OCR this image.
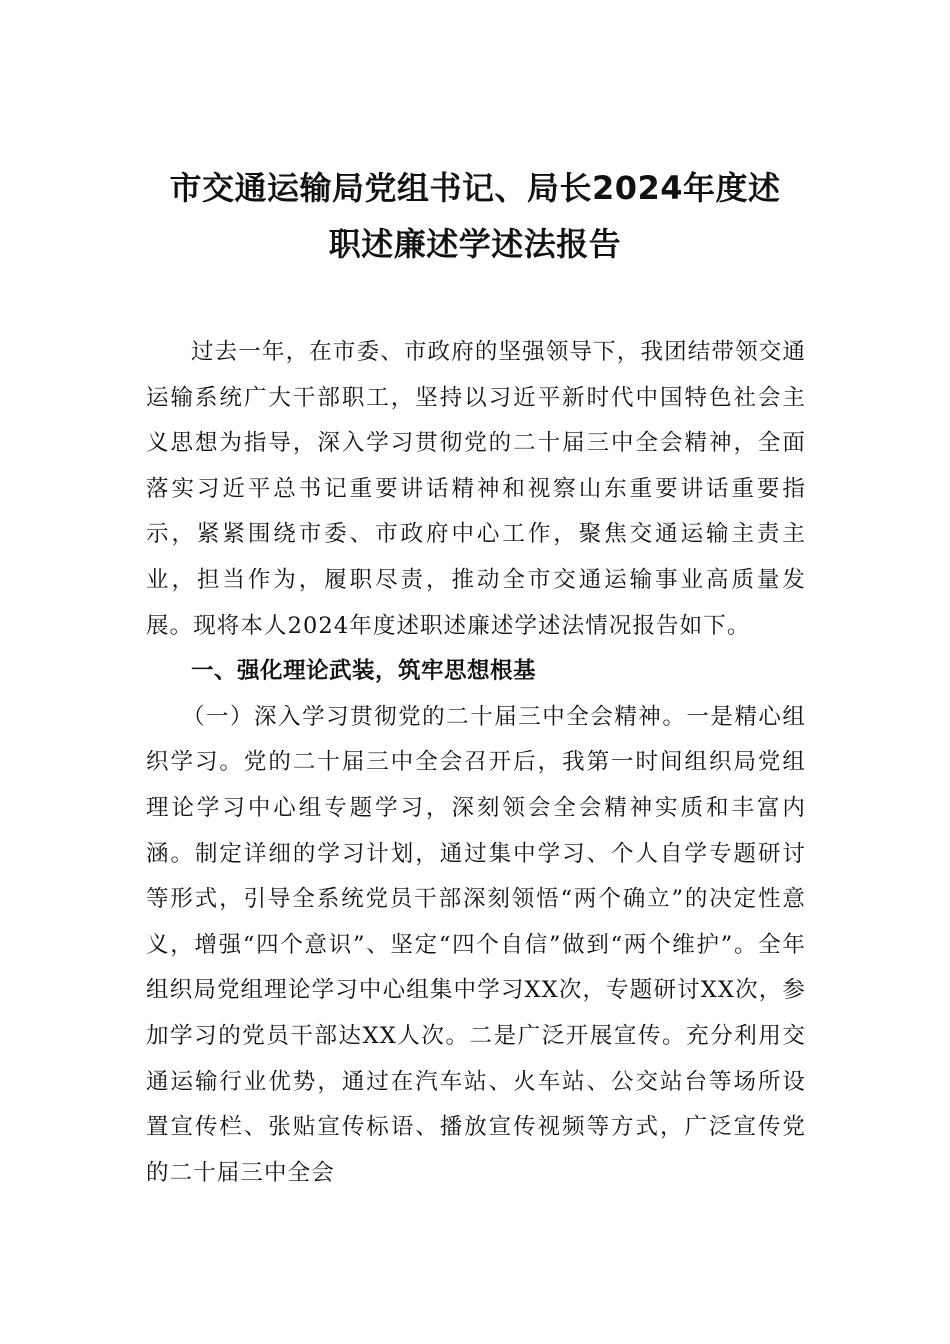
市交通运输局党组书记、局长2024年度述
职述廉述学述法报告

过去一年，在市委、市政府的坚强领导下，我团结带领交通运输系统广大干部职工，坚持以习近平新时代中国特色社会主义思想为指导，深入学习贯彻党的二十届三中全会精神，全面落实习近平总书记重要讲话精神和视察山东重要讲话重要指示，紧紧围绕市委、市政府中心工作，聚焦交通运输主责主业，担当作为，履职尽责，推动全市交通运输事业高质量发展。现将本人2024年度述职述廉述学述法情况报告如下。

一、强化理论武装，筑牢思想根基

（一）深入学习贯彻党的二十届三中全会精神。一是精心组织学习。党的二十届三中全会召开后，我第一时间组织局党组理论学习中心组专题学习，深刻领会全会精神实质和丰富内涵。制定详细的学习计划，通过集中学习、个人自学专题研讨等形式，引导全系统党员干部深刻领悟“两个确立”的决定性意义，增强“四个意识”、坚定“四个自信”做到“两个维护”。全年组织局党组理论学习中心组集中学习XX次，专题研讨XX次，参加学习的党员干部达XX人次。二是广泛开展宣传。充分利用交通运输行业优势，通过在汽车站、火车站、公交站台等场所设置宣传栏、张贴宣传标语、播放宣传视频等方式，广泛宣传党的二十届三中全会
